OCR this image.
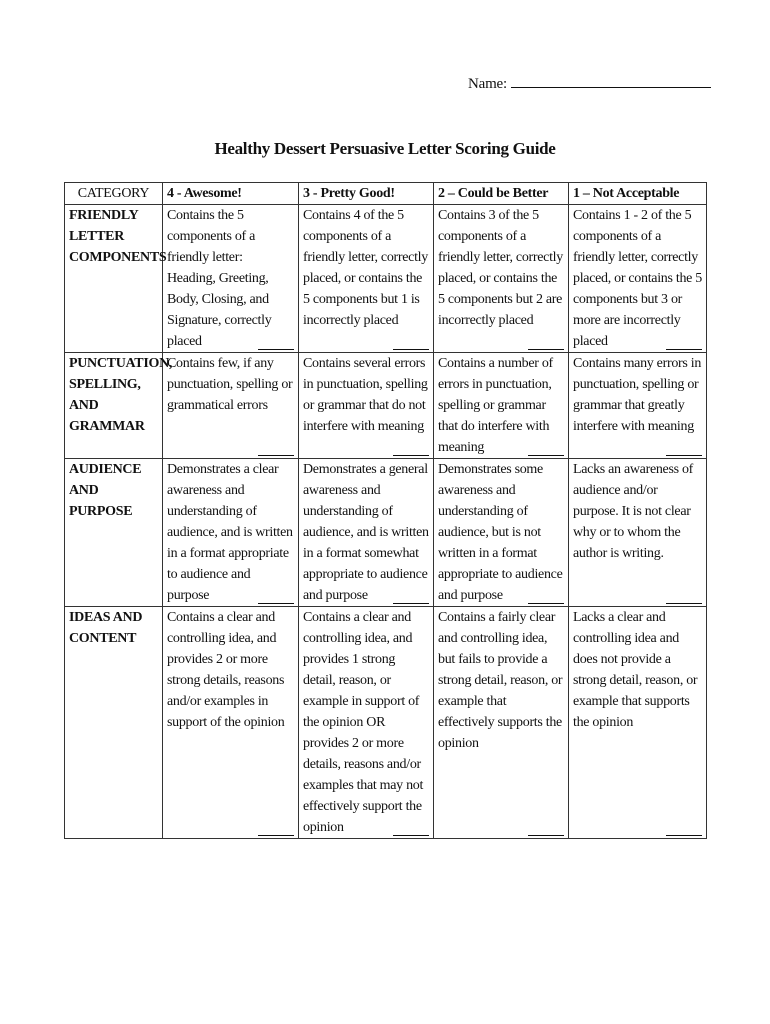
Name:
Healthy Dessert Persuasive Letter Scoring Guide
CATEGORY	4 - Awesome!	3 - Pretty Good!	2 – Could be Better	1 – Not Acceptable
FRIENDLY LETTER COMPONENTS	Contains the 5 components of a friendly letter: Heading, Greeting, Body, Closing, and Signature, correctly placed	Contains 4 of the 5 components of a friendly letter, correctly placed, or contains the 5 components but 1 is incorrectly placed	Contains 3 of the 5 components of a friendly letter, correctly placed, or contains the 5 components but 2 are incorrectly placed	Contains 1 - 2 of the 5 components of a friendly letter, correctly placed, or contains the 5 components but 3 or more are incorrectly placed

PUNCTUATION, SPELLING, AND GRAMMAR	Contains few, if any punctuation, spelling or grammatical errors	Contains several errors in punctuation, spelling or grammar that do not interfere with meaning	Contains a number of errors in punctuation, spelling or grammar that do interfere with meaning	Contains many errors in punctuation, spelling or grammar that greatly interfere with meaning

AUDIENCE AND PURPOSE	Demonstrates a clear awareness and understanding of audience, and is written in a format appropriate to audience and purpose	Demonstrates a general awareness and understanding of audience, and is written in a format somewhat appropriate to audience and purpose	Demonstrates some awareness and understanding of audience, but is not written in a format appropriate to audience and purpose	Lacks an awareness of audience and/or purpose. It is not clear why or to whom the author is writing.

IDEAS AND CONTENT	Contains a clear and controlling idea, and provides 2 or more strong details, reasons and/or examples in support of the opinion	Contains a clear and controlling idea, and provides 1 strong detail, reason, or example in support of the opinion OR provides 2 or more details, reasons and/or examples that may not effectively support the opinion	Contains a fairly clear and controlling idea, but fails to provide a strong detail, reason, or example that effectively supports the opinion	Lacks a clear and controlling idea and does not provide a strong detail, reason, or example that supports the opinion
